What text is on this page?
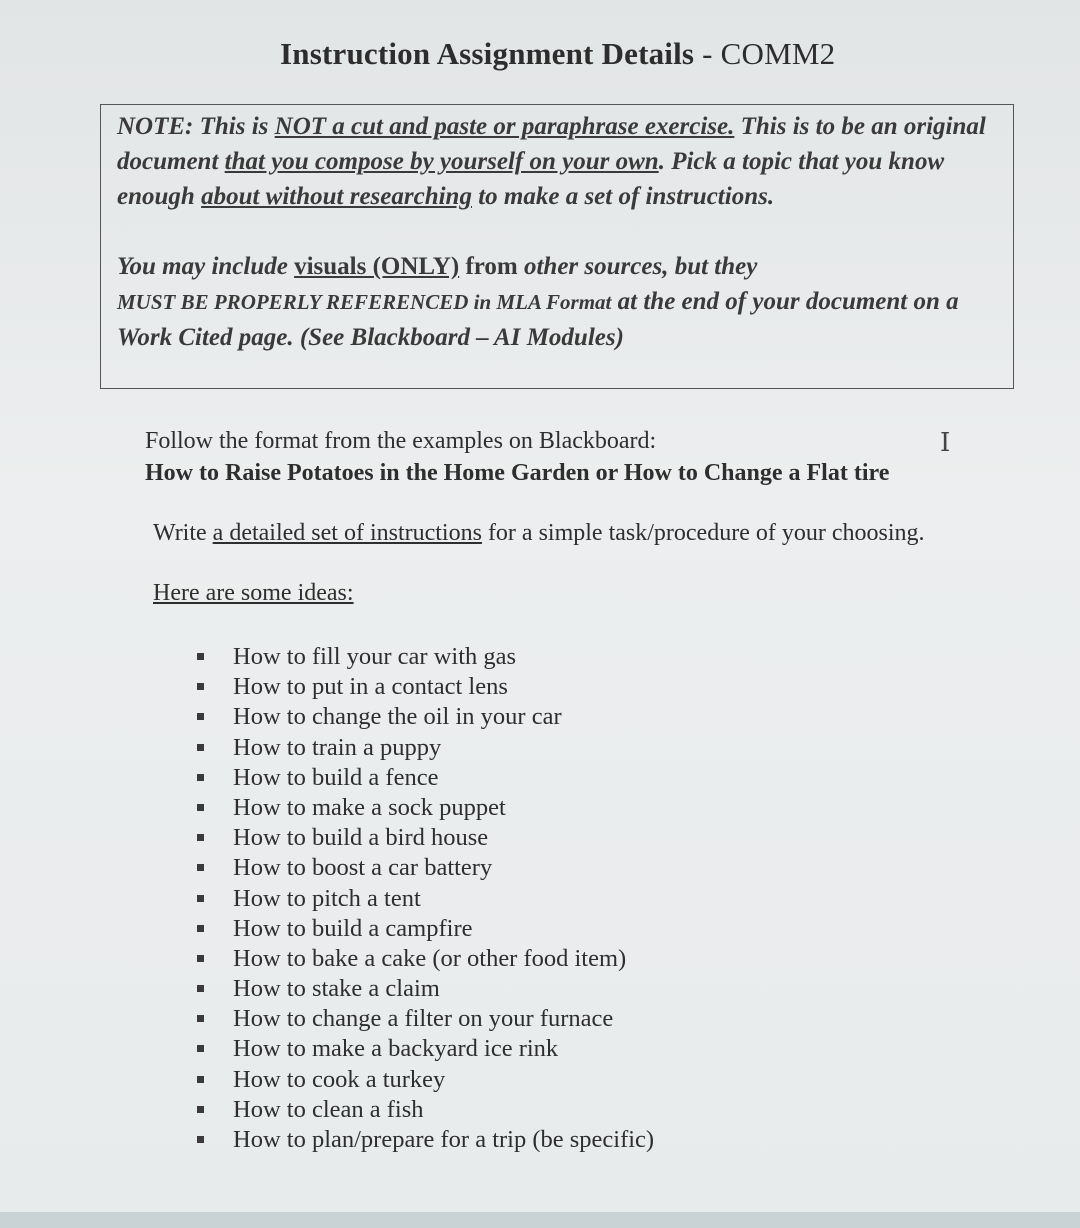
Instruction Assignment Details - COMM2
NOTE: This is NOT a cut and paste or paraphrase exercise. This is to be an original document that you compose by yourself on your own. Pick a topic that you know enough about without researching to make a set of instructions.
You may include visuals (ONLY) from other sources, but they
MUST BE PROPERLY REFERENCED in MLA Format at the end of your document on a Work Cited page. (See Blackboard – AI Modules)
Follow the format from the examples on Blackboard:
How to Raise Potatoes in the Home Garden or How to Change a Flat tire
I
Write a detailed set of instructions for a simple task/procedure of your choosing.
Here are some ideas:
How to fill your car with gas
How to put in a contact lens
How to change the oil in your car
How to train a puppy
How to build a fence
How to make a sock puppet
How to build a bird house
How to boost a car battery
How to pitch a tent
How to build a campfire
How to bake a cake (or other food item)
How to stake a claim
How to change a filter on your furnace
How to make a backyard ice rink
How to cook a turkey
How to clean a fish
How to plan/prepare for a trip (be specific)
